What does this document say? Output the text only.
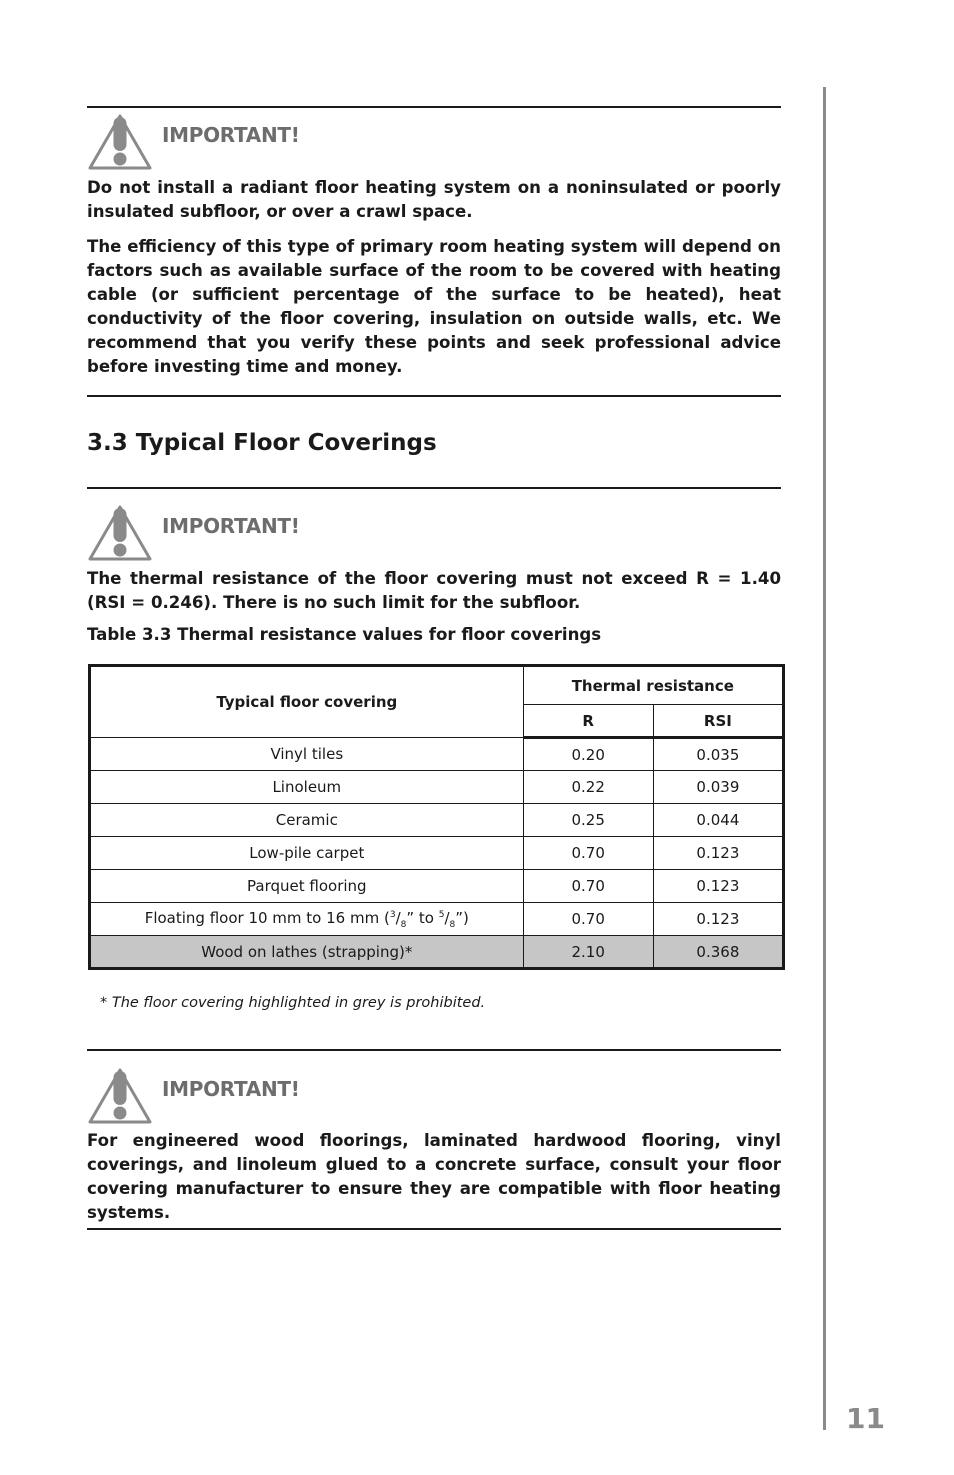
11
IMPORTANT!

Do not install a radiant floor heating system on a noninsulated or poorly insulated subfloor, or over a crawl space.

The efficiency of this type of primary room heating system will depend on factors such as available surface of the room to be covered with heating cable (or sufficient percentage of the surface to be heated), heat conductivity of the floor covering, insulation on outside walls, etc. We recommend that you verify these points and seek professional advice before investing time and money.

3.3 Typical Floor Coverings
IMPORTANT!

The thermal resistance of the floor covering must not exceed R = 1.40 (RSI = 0.246). There is no such limit for the subfloor.

Table 3.3 Thermal resistance values for floor coverings

Typical floor covering	Thermal resistance	
	R	RSI
Vinyl tiles	0.20	0.035
Linoleum	0.22	0.039
Ceramic	0.25	0.044
Low-pile carpet	0.70	0.123
Parquet flooring	0.70	0.123
Floating floor 10 mm to 16 mm ($^3/_8$” to $^5/_8$”)	0.70	0.123
Wood on lathes (strapping)*	2.10	0.368

* The floor covering highlighted in grey is prohibited.

IMPORTANT!

For engineered wood floorings, laminated hardwood flooring, vinyl coverings, and linoleum glued to a concrete surface, consult your floor covering manufacturer to ensure they are compatible with floor heating systems.
